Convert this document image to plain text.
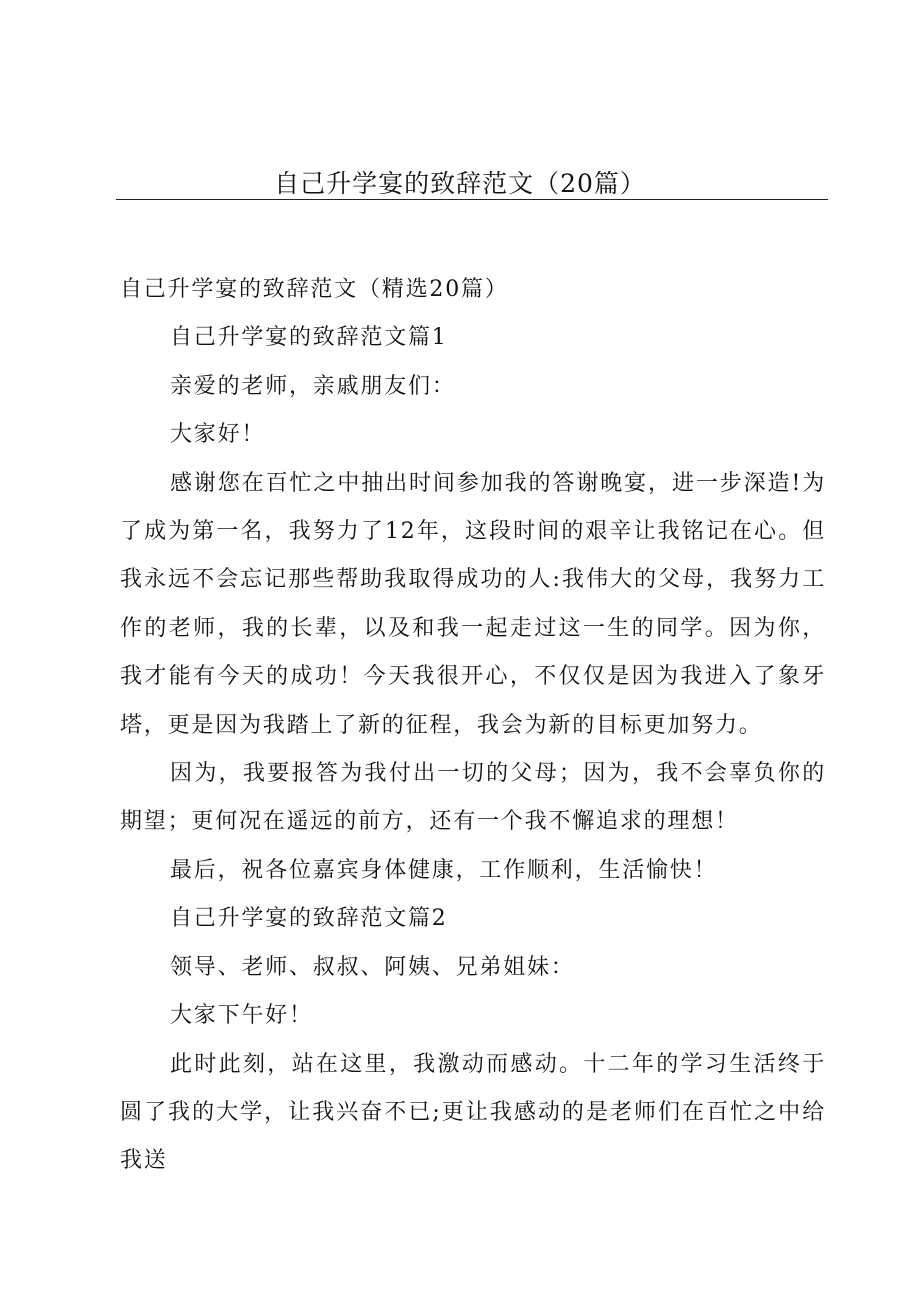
自己升学宴的致辞范文（20篇）

自己升学宴的致辞范文（精选20篇）

自己升学宴的致辞范文篇1

亲爱的老师，亲戚朋友们：

大家好！

感谢您在百忙之中抽出时间参加我的答谢晚宴，进一步深造!为了成为第一名，我努力了12年，这段时间的艰辛让我铭记在心。但我永远不会忘记那些帮助我取得成功的人:我伟大的父母，我努力工作的老师，我的长辈，以及和我一起走过这一生的同学。因为你，我才能有今天的成功！今天我很开心，不仅仅是因为我进入了象牙塔，更是因为我踏上了新的征程，我会为新的目标更加努力。

因为，我要报答为我付出一切的父母；因为，我不会辜负你的期望；更何况在遥远的前方，还有一个我不懈追求的理想！

最后，祝各位嘉宾身体健康，工作顺利，生活愉快！

自己升学宴的致辞范文篇2

领导、老师、叔叔、阿姨、兄弟姐妹：

大家下午好！

此时此刻，站在这里，我激动而感动。十二年的学习生活终于圆了我的大学，让我兴奋不已;更让我感动的是老师们在百忙之中给我送
